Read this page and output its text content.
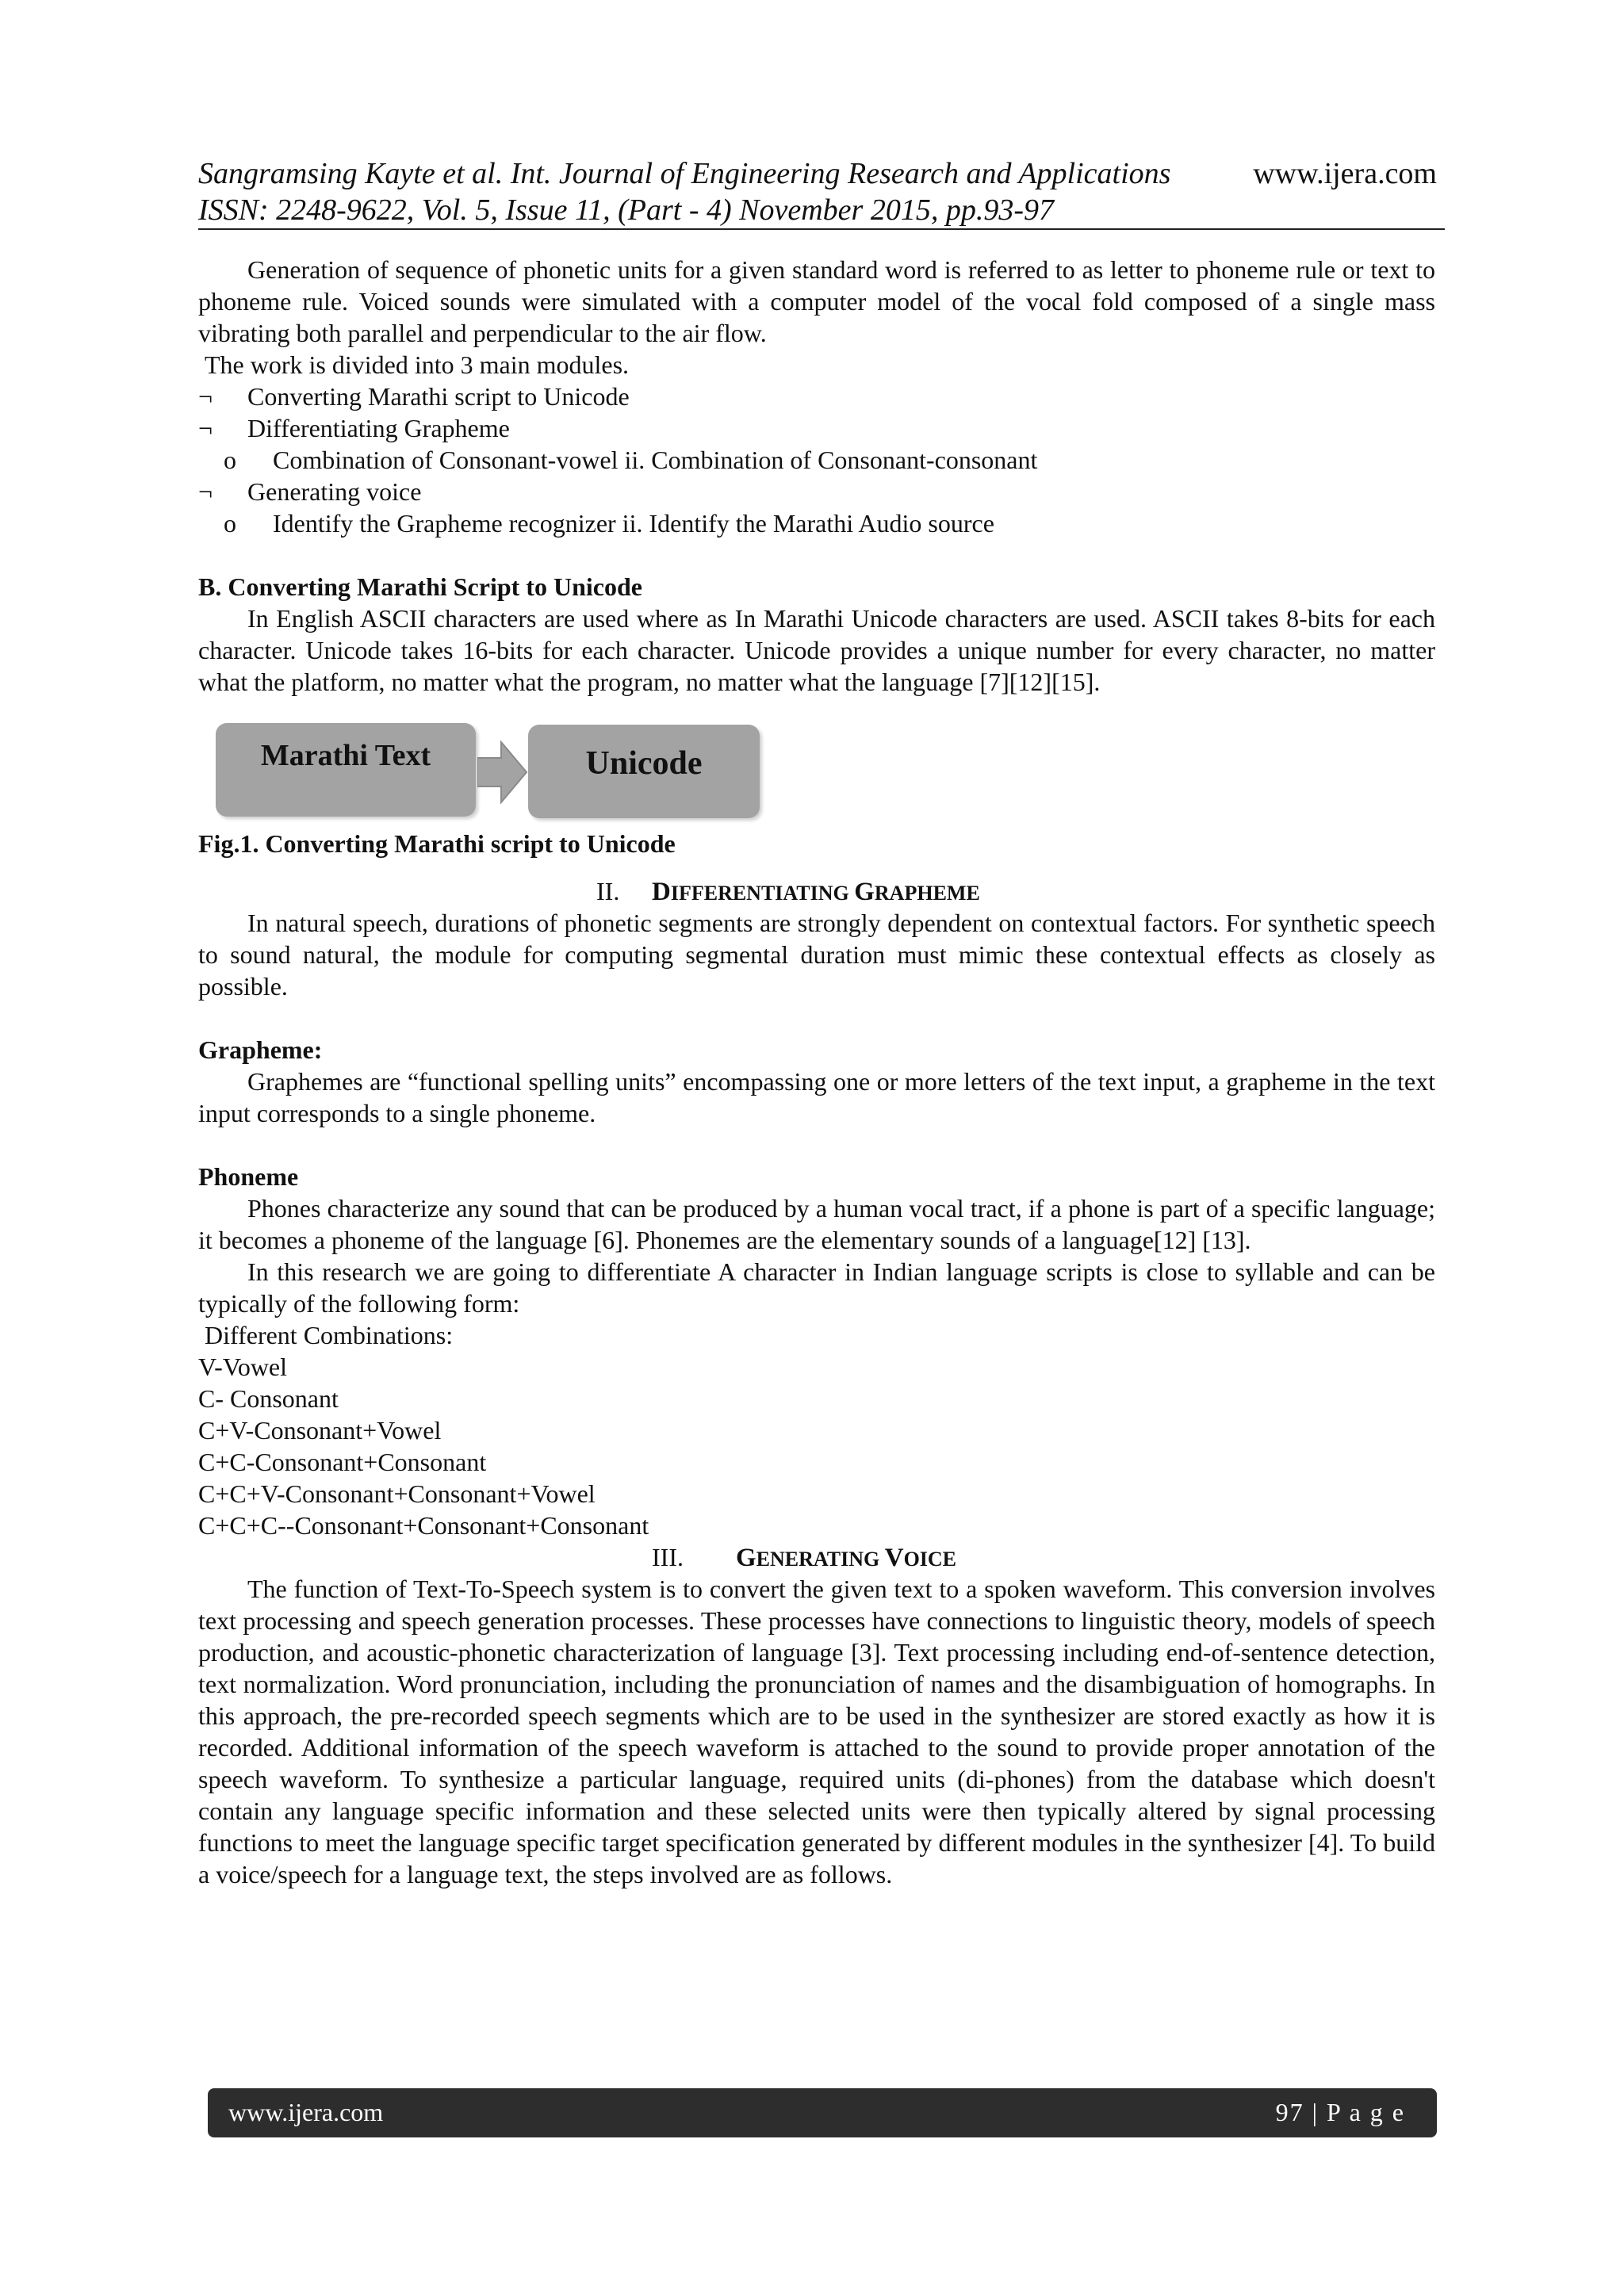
Sangramsing Kayte et al. Int. Journal of Engineering Research and Applications	www.ijera.com
ISSN: 2248-9622, Vol. 5, Issue 11, (Part - 4) November 2015, pp.93-97

Generation of sequence of phonetic units for a given standard word is referred to as letter to phoneme rule or text to phoneme rule. Voiced sounds were simulated with a computer model of the vocal fold composed of a single mass vibrating both parallel and perpendicular to the air flow.

The work is divided into 3 main modules.

¬ Converting Marathi script to Unicode
¬ Differentiating Grapheme
o Combination of Consonant-vowel ii. Combination of Consonant-consonant
¬ Generating voice
o Identify the Grapheme recognizer ii. Identify the Marathi Audio source

B. Converting Marathi Script to Unicode

In English ASCII characters are used where as In Marathi Unicode characters are used. ASCII takes 8-bits for each character. Unicode takes 16-bits for each character. Unicode provides a unique number for every character, no matter what the platform, no matter what the program, no matter what the language [7][12][15].

Marathi Text	Unicode

Fig.1. Converting Marathi script to Unicode

II. DIFFERENTIATING GRAPHEME

In natural speech, durations of phonetic segments are strongly dependent on contextual factors. For synthetic speech to sound natural, the module for computing segmental duration must mimic these contextual effects as closely as possible.

Grapheme:

Graphemes are “functional spelling units” encompassing one or more letters of the text input, a grapheme in the text input corresponds to a single phoneme.

Phoneme

Phones characterize any sound that can be produced by a human vocal tract, if a phone is part of a specific language; it becomes a phoneme of the language [6]. Phonemes are the elementary sounds of a language[12] [13].

In this research we are going to differentiate A character in Indian language scripts is close to syllable and can be typically of the following form:

Different Combinations:

V-Vowel

C- Consonant

C+V-Consonant+Vowel

C+C-Consonant+Consonant

C+C+V-Consonant+Consonant+Vowel

C+C+C--Consonant+Consonant+Consonant

III. GENERATING VOICE

The function of Text-To-Speech system is to convert the given text to a spoken waveform. This conversion involves text processing and speech generation processes. These processes have connections to linguistic theory, models of speech production, and acoustic-phonetic characterization of language [3]. Text processing including end-of-sentence detection, text normalization. Word pronunciation, including the pronunciation of names and the disambiguation of homographs. In this approach, the pre-recorded speech segments which are to be used in the synthesizer are stored exactly as how it is recorded. Additional information of the speech waveform is attached to the sound to provide proper annotation of the speech waveform. To synthesize a particular language, required units (di-phones) from the database which doesn't contain any language specific information and these selected units were then typically altered by signal processing functions to meet the language specific target specification generated by different modules in the synthesizer [4]. To build a voice/speech for a language text, the steps involved are as follows.

www.ijera.com	97 | P a g e
